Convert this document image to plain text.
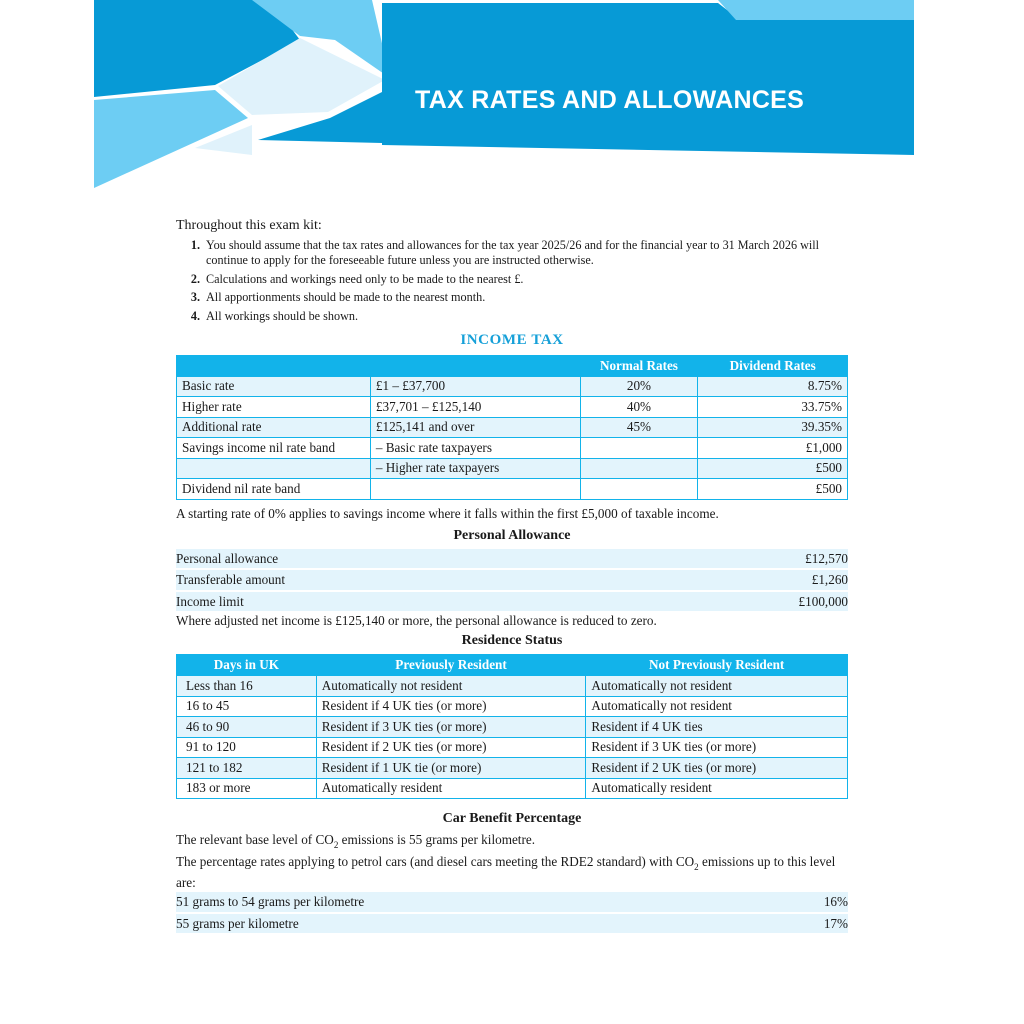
TAX RATES AND ALLOWANCES

Throughout this exam kit:

1. You should assume that the tax rates and allowances for the tax year 2025/26 and for the financial year to 31 March 2026 will continue to apply for the foreseeable future unless you are instructed otherwise.
2. Calculations and workings need only to be made to the nearest £.
3. All apportionments should be made to the nearest month.
4. All workings should be shown.
INCOME TAX
		Normal Rates	Dividend Rates
Basic rate	£1 – £37,700	20%	8.75%
Higher rate	£37,701 – £125,140	40%	33.75%
Additional rate	£125,141 and over	45%	39.35%
Savings income nil rate band	– Basic rate taxpayers		£1,000
	– Higher rate taxpayers		£500
Dividend nil rate band			£500

A starting rate of 0% applies to savings income where it falls within the first £5,000 of taxable income.

Personal Allowance
Personal allowance	£12,570
Transferable amount	£1,260
Income limit	£100,000

Where adjusted net income is £125,140 or more, the personal allowance is reduced to zero.

Residence Status
Days in UK	Previously Resident	Not Previously Resident
Less than 16	Automatically not resident	Automatically not resident
16 to 45	Resident if 4 UK ties (or more)	Automatically not resident
46 to 90	Resident if 3 UK ties (or more)	Resident if 4 UK ties
91 to 120	Resident if 2 UK ties (or more)	Resident if 3 UK ties (or more)
121 to 182	Resident if 1 UK tie (or more)	Resident if 2 UK ties (or more)
183 or more	Automatically resident	Automatically resident
Car Benefit Percentage

The relevant base level of $CO_2$ emissions is 55 grams per kilometre.

The percentage rates applying to petrol cars (and diesel cars meeting the RDE2 standard) with $CO_2$ emissions up to this level are:

51 grams to 54 grams per kilometre	16%
55 grams per kilometre	17%
